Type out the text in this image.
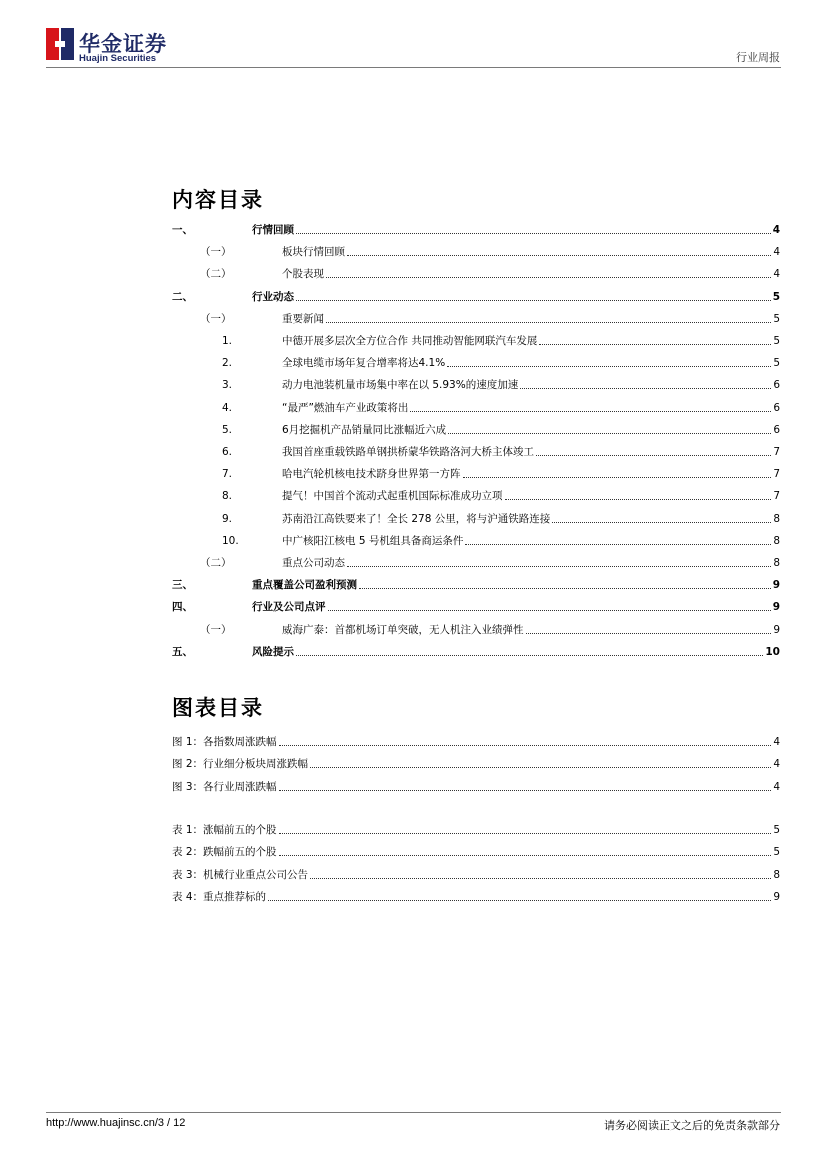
华金证券
Huajin Securities	行业周报
内容目录
一、	行情回顾	4
（一）	板块行情回顾	4
（二）	个股表现	4
二、	行业动态	5
（一）	重要新闻	5
1.	中德开展多层次全方位合作 共同推动智能网联汽车发展	5
2.	全球电缆市场年复合增率将达4.1%	5
3.	动力电池装机量市场集中率在以 5.93%的速度加速	6
4.	“最严”燃油车产业政策将出	6
5.	6月挖掘机产品销量同比涨幅近六成	6
6.	我国首座重载铁路单钢拱桥蒙华铁路洛河大桥主体竣工	7
7.	哈电汽轮机核电技术跻身世界第一方阵	7
8.	提气！中国首个流动式起重机国际标准成功立项	7
9.	苏南沿江高铁要来了！全长 278 公里，将与沪通铁路连接	8
10.	中广核阳江核电 5 号机组具备商运条件	8
（二）	重点公司动态	8
三、	重点覆盖公司盈利预测	9
四、	行业及公司点评	9
（一）	威海广泰：首都机场订单突破，无人机注入业绩弹性	9
五、	风险提示	10
图表目录
图 1：各指数周涨跌幅	4
图 2：行业细分板块周涨跌幅	4
图 3：各行业周涨跌幅	4
表 1：涨幅前五的个股	5
表 2：跌幅前五的个股	5
表 3：机械行业重点公司公告	8
表 4：重点推荐标的	9
http://www.huajinsc.cn/3 / 12	请务必阅读正文之后的免责条款部分
